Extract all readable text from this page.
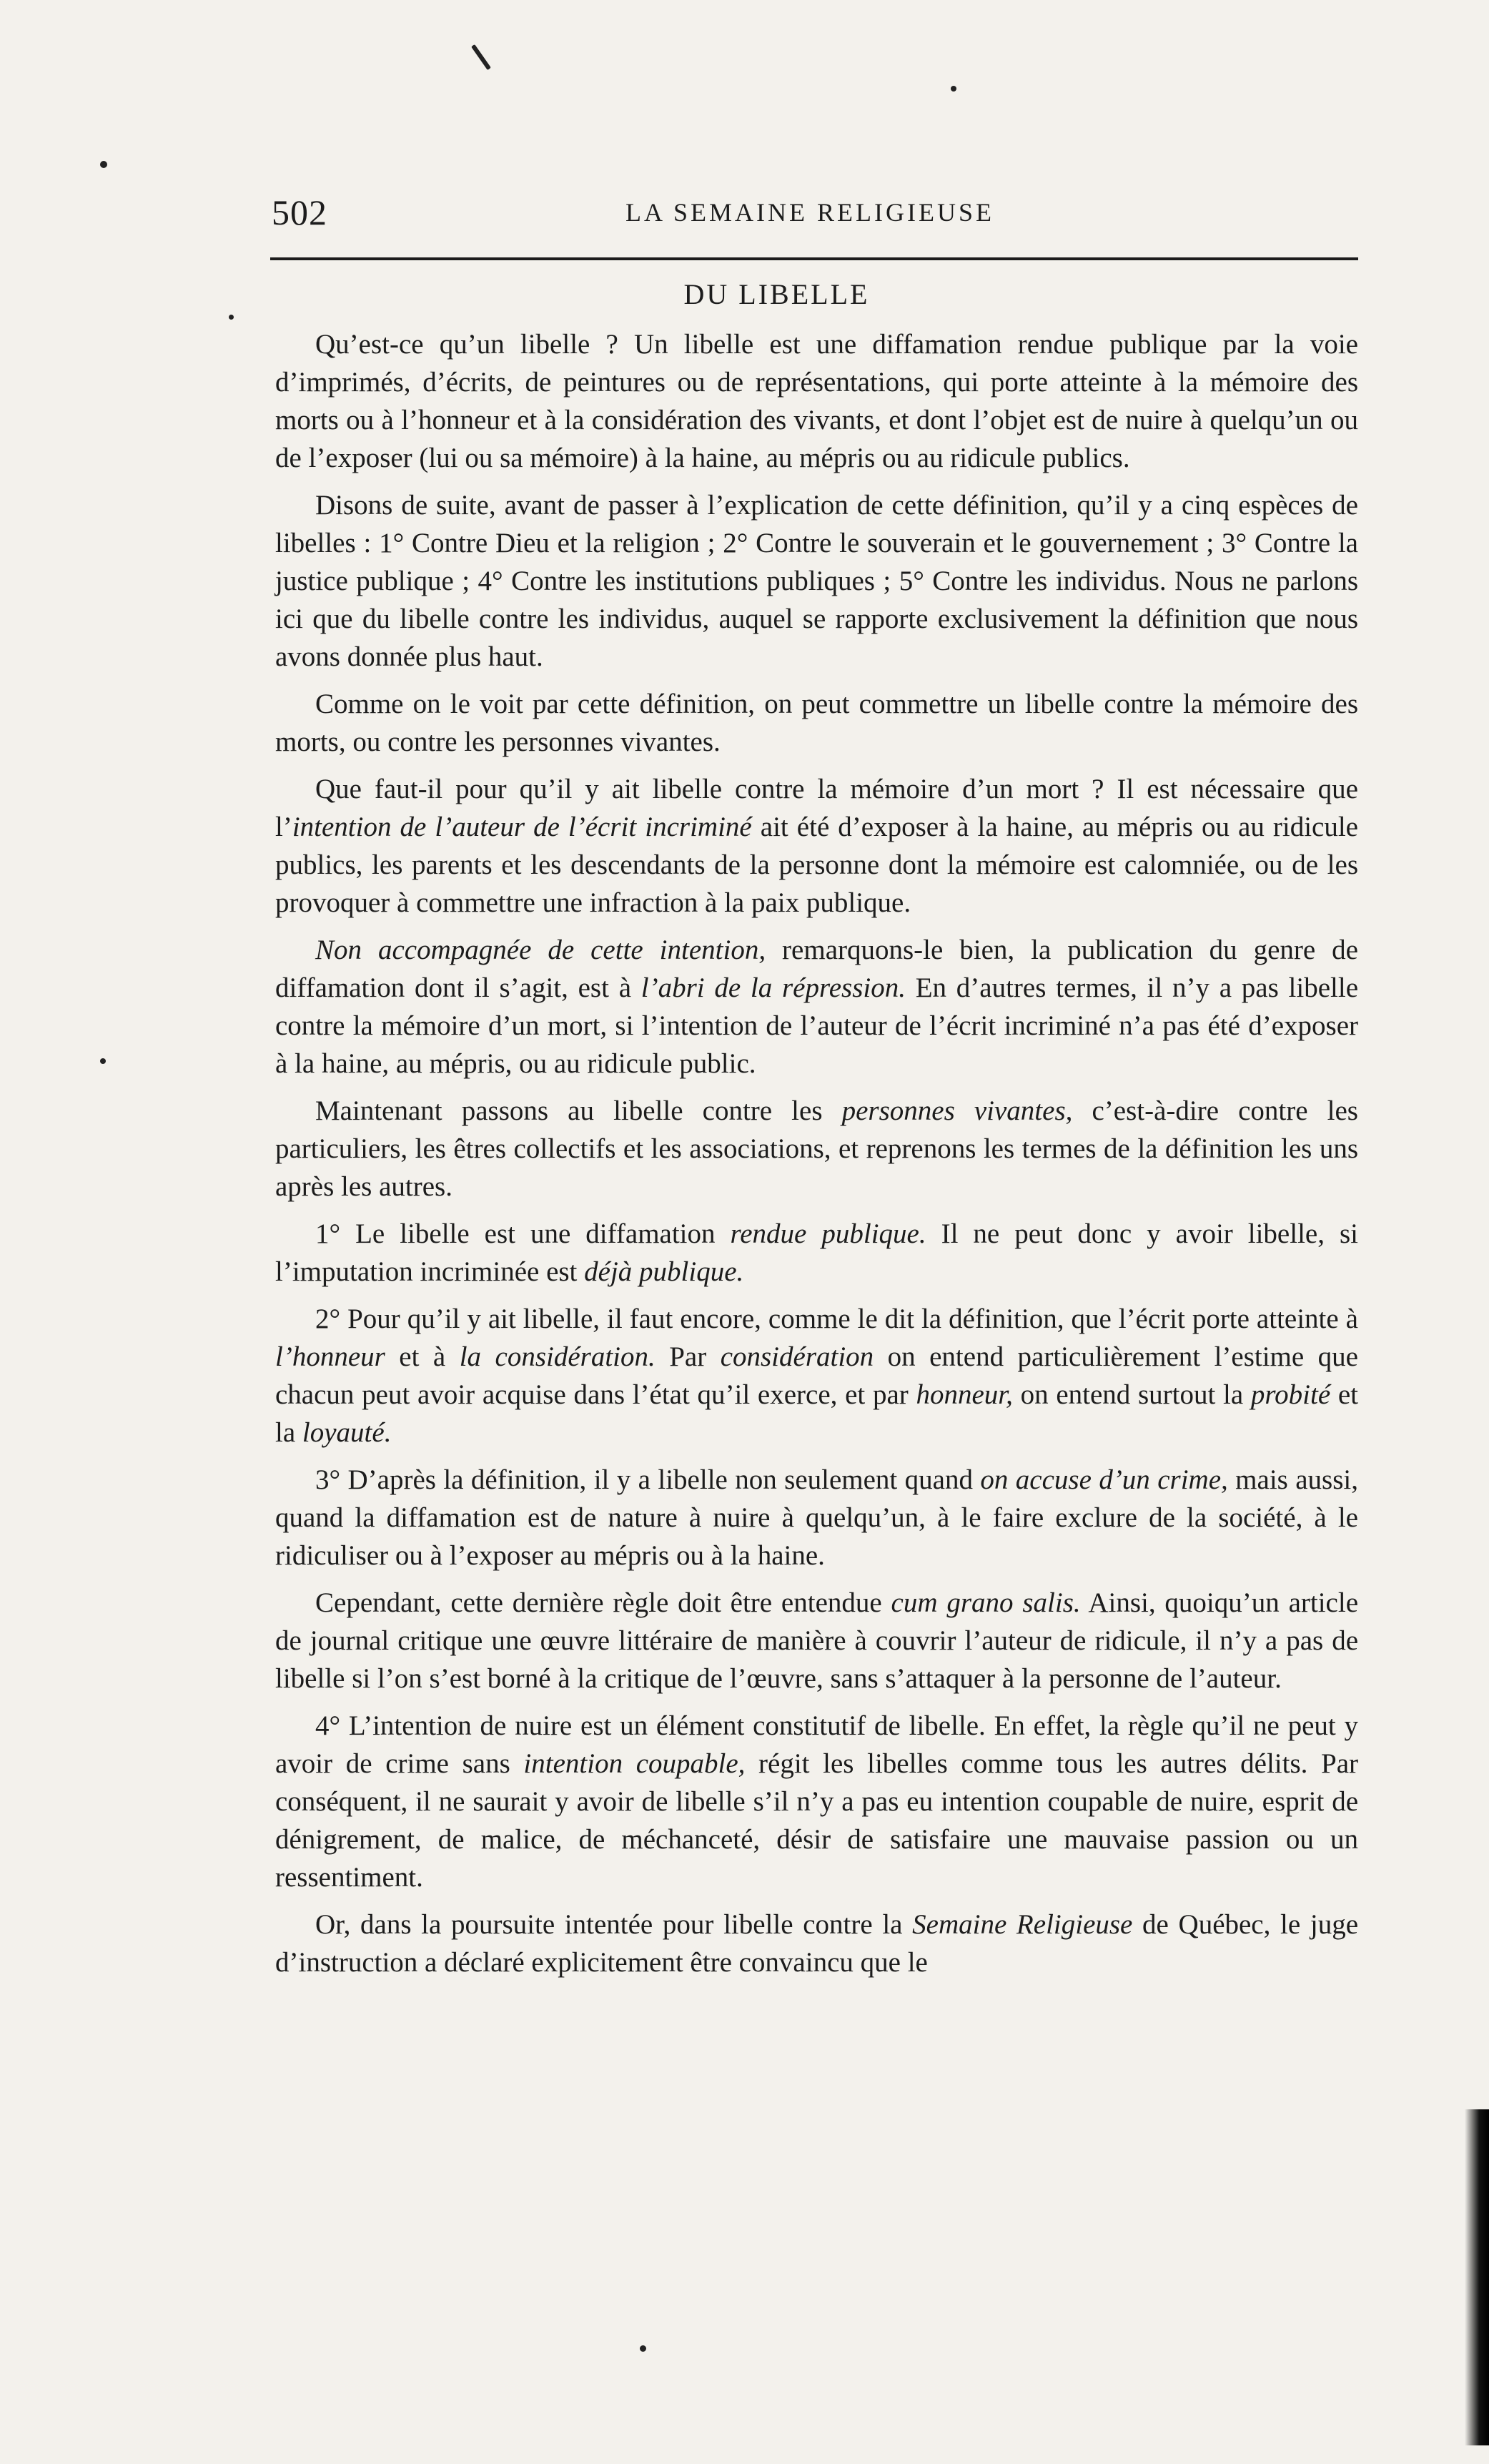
502	LA SEMAINE RELIGIEUSE
DU LIBELLE

Qu’est-ce qu’un libelle ? Un libelle est une diffamation rendue publique par la voie d’imprimés, d’écrits, de peintures ou de représentations, qui porte atteinte à la mémoire des morts ou à l’honneur et à la considération des vivants, et dont l’objet est de nuire à quelqu’un ou de l’exposer (lui ou sa mémoire) à la haine, au mépris ou au ridicule publics.

Disons de suite, avant de passer à l’explication de cette définition, qu’il y a cinq espèces de libelles : 1° Contre Dieu et la religion ; 2° Contre le souverain et le gouvernement ; 3° Contre la justice publique ; 4° Contre les institutions publiques ; 5° Contre les individus. Nous ne parlons ici que du libelle contre les individus, auquel se rapporte exclusivement la définition que nous avons donnée plus haut.

Comme on le voit par cette définition, on peut commettre un libelle contre la mémoire des morts, ou contre les personnes vivantes.

Que faut-il pour qu’il y ait libelle contre la mémoire d’un mort ? Il est nécessaire que l’intention de l’auteur de l’écrit incriminé ait été d’exposer à la haine, au mépris ou au ridicule publics, les parents et les descendants de la personne dont la mémoire est calomniée, ou de les provoquer à commettre une infraction à la paix publique.

Non accompagnée de cette intention, remarquons-le bien, la publication du genre de diffamation dont il s’agit, est à l’abri de la répression. En d’autres termes, il n’y a pas libelle contre la mémoire d’un mort, si l’intention de l’auteur de l’écrit incriminé n’a pas été d’exposer à la haine, au mépris, ou au ridicule public.

Maintenant passons au libelle contre les personnes vivantes, c’est-à-dire contre les particuliers, les êtres collectifs et les associations, et reprenons les termes de la définition les uns après les autres.

1° Le libelle est une diffamation rendue publique. Il ne peut donc y avoir libelle, si l’imputation incriminée est déjà publique.

2° Pour qu’il y ait libelle, il faut encore, comme le dit la définition, que l’écrit porte atteinte à l’honneur et à la considération. Par considération on entend particulièrement l’estime que chacun peut avoir acquise dans l’état qu’il exerce, et par honneur, on entend surtout la probité et la loyauté.

3° D’après la définition, il y a libelle non seulement quand on accuse d’un crime, mais aussi, quand la diffamation est de nature à nuire à quelqu’un, à le faire exclure de la société, à le ridiculiser ou à l’exposer au mépris ou à la haine.

Cependant, cette dernière règle doit être entendue cum grano salis. Ainsi, quoiqu’un article de journal critique une œuvre littéraire de manière à couvrir l’auteur de ridicule, il n’y a pas de libelle si l’on s’est borné à la critique de l’œuvre, sans s’attaquer à la personne de l’auteur.

4° L’intention de nuire est un élément constitutif de libelle. En effet, la règle qu’il ne peut y avoir de crime sans intention coupable, régit les libelles comme tous les autres délits. Par conséquent, il ne saurait y avoir de libelle s’il n’y a pas eu intention coupable de nuire, esprit de dénigrement, de malice, de méchanceté, désir de satisfaire une mauvaise passion ou un ressentiment.

Or, dans la poursuite intentée pour libelle contre la Semaine Religieuse de Québec, le juge d’instruction a déclaré explicitement être convaincu que le
